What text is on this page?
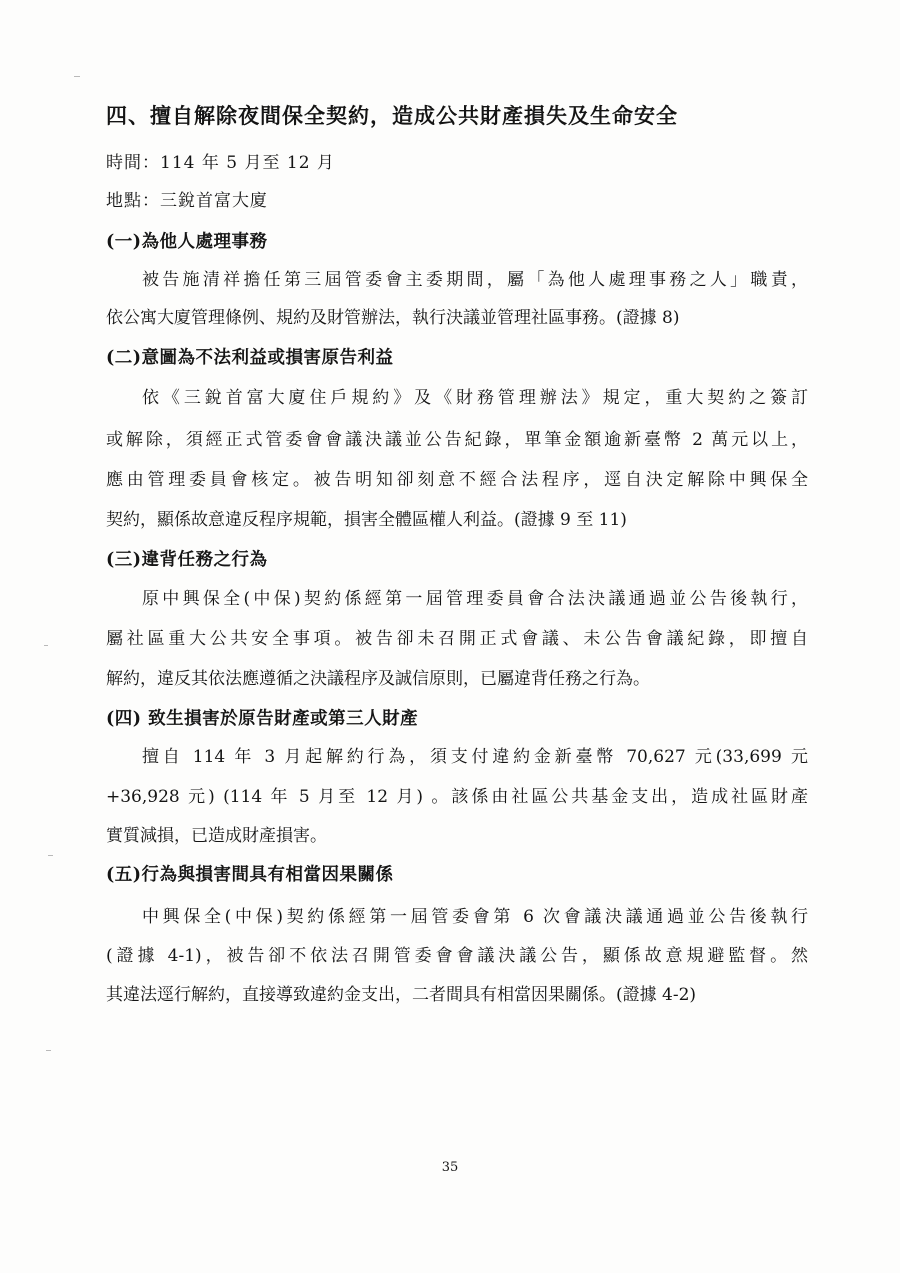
四、擅自解除夜間保全契約，造成公共財產損失及生命安全
時間：114 年 5 月至 12 月
地點：三銳首富大廈
(一)為他人處理事務
被告施清祥擔任第三屆管委會主委期間，屬「為他人處理事務之人」職責，
依公寓大廈管理條例、規約及財管辦法，執行決議並管理社區事務。(證據 8)
(二)意圖為不法利益或損害原告利益
依《三銳首富大廈住戶規約》及《財務管理辦法》規定，重大契約之簽訂
或解除，須經正式管委會會議決議並公告紀錄，單筆金額逾新臺幣 2 萬元以上，
應由管理委員會核定。被告明知卻刻意不經合法程序，逕自決定解除中興保全
契約，顯係故意違反程序規範，損害全體區權人利益。(證據 9 至 11)
(三)違背任務之行為
原中興保全(中保)契約係經第一屆管理委員會合法決議通過並公告後執行，
屬社區重大公共安全事項。被告卻未召開正式會議、未公告會議紀錄，即擅自
解約，違反其依法應遵循之決議程序及誠信原則，已屬違背任務之行為。
(四) 致生損害於原告財產或第三人財產
擅自 114 年 3 月起解約行為，須支付違約金新臺幣 70,627 元(33,699 元
+36,928 元) (114 年 5 月至 12 月) 。該係由社區公共基金支出，造成社區財產
實質減損，已造成財產損害。
(五)行為與損害間具有相當因果關係
中興保全(中保)契約係經第一屆管委會第 6 次會議決議通過並公告後執行
(證據 4-1)，被告卻不依法召開管委會會議決議公告，顯係故意規避監督。然
其違法逕行解約，直接導致違約金支出，二者間具有相當因果關係。(證據 4-2)
35
